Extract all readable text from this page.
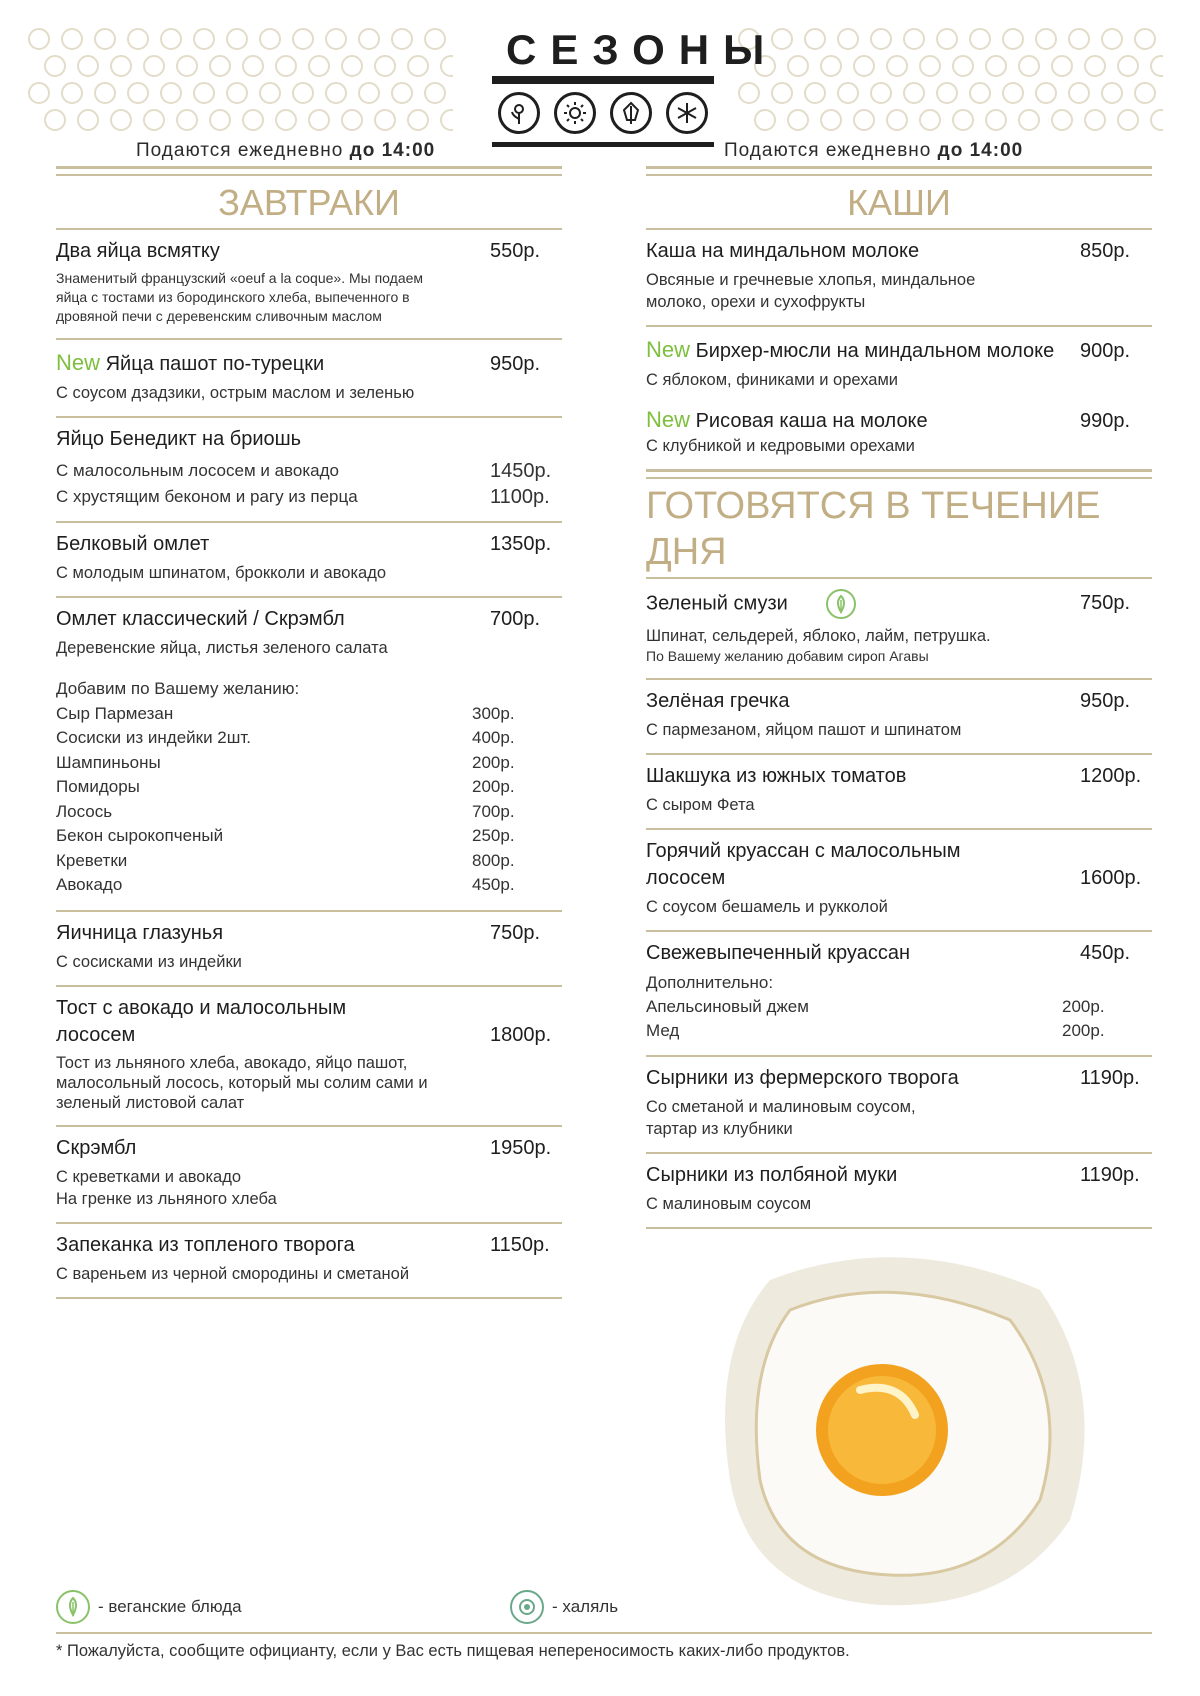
СЕЗОНЫ
Подаются ежедневно до 14:00	Подаются ежедневно до 14:00
ЗАВТРАКИ
Два яйца всмятку	550р.
Знаменитый французский «oeuf a la coque». Мы подаем яйца с тостами из бородинского хлеба, выпеченного в дровяной печи с деревенским сливочным маслом
New Яйца пашот по-турецки	950р.
С соусом дзадзики, острым маслом и зеленью
Яйцо Бенедикт на бриошь
С малосольным лососем и авокадо	1450р.
С хрустящим беконом и рагу из перца	1100р.
Белковый омлет	1350р.
С молодым шпинатом, брокколи и авокадо
Омлет классический / Скрэмбл	700р.
Деревенские яйца, листья зеленого салата
Добавим по Вашему желанию:
Сыр Пармезан	300р.
Сосиски из индейки 2шт.	400р.
Шампиньоны	200р.
Помидоры	200р.
Лосось	700р.
Бекон сырокопченый	250р.
Креветки	800р.
Авокадо	450р.
Яичница глазунья	750р.
С сосисками из индейки
Тост с авокадо и малосольным
лососем	1800р.
Тост из льняного хлеба, авокадо, яйцо пашот, малосольный лосось, который мы солим сами и зеленый листовой салат
Скрэмбл	1950р.
С креветками и авокадо
На гренке из льняного хлеба
Запеканка из топленого творога	1150р.
С вареньем из черной смородины и сметаной
КАШИ
Каша на миндальном молоке	850р.
Овсяные и гречневые хлопья, миндальное молоко, орехи и сухофрукты
New Бирхер-мюсли на миндальном молоке 900р.
С яблоком, финиками и орехами
New Рисовая каша на молоке	990р.
С клубникой и кедровыми орехами
ГОТОВЯТСЯ В ТЕЧЕНИЕ ДНЯ
Зеленый смузи	750р.
Шпинат, сельдерей, яблоко, лайм, петрушка.
По Вашему желанию добавим сироп Агавы
Зелёная гречка	950р.
С пармезаном, яйцом пашот и шпинатом
Шакшука из южных томатов	1200р.
С сыром Фета
Горячий круассан с малосольным
лососем	1600р.
С соусом бешамель и рукколой
Свежевыпеченный круассан	450р.
Дополнительно:
Апельсиновый джем	200р.
Мед	200р.
Сырники из фермерского творога	1190р.
Со сметаной и малиновым соусом,
тартар из клубники
Сырники из полбяной муки	1190р.
С малиновым соусом
- веганские блюда	- халяль
* Пожалуйста, сообщите официанту, если у Вас есть пищевая непереносимость каких-либо продуктов.
